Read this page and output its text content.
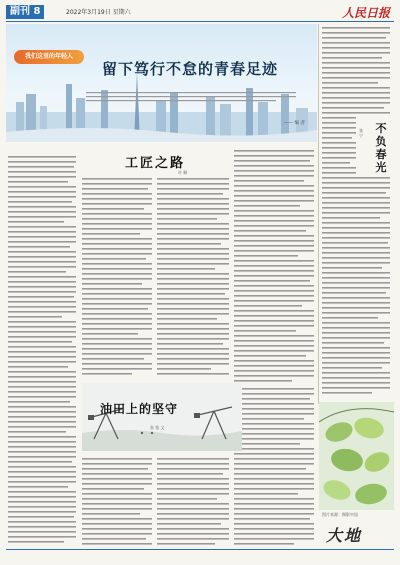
副刊 8	2022年3月19日 星期六	人民日报
我们这里的年轻人
留下笃行不怠的青春足迹
—— 编 者
工匠之路
许 顺
油田上的坚守
朱 佑 文
不负春光
张 宁
图片来源：摄影中国
大地
